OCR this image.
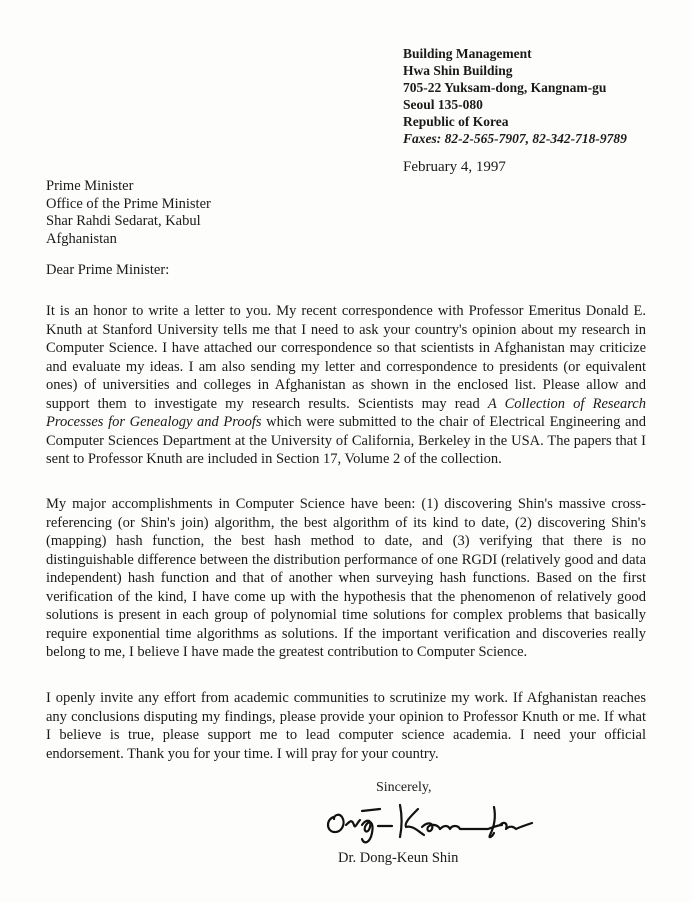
Building Management
Hwa Shin Building
705-22 Yuksam-dong, Kangnam-gu
Seoul 135-080
Republic of Korea
Faxes: 82-2-565-7907, 82-342-718-9789
February 4, 1997
Prime Minister
Office of the Prime Minister
Shar Rahdi Sedarat, Kabul
Afghanistan
Dear Prime Minister:
It is an honor to write a letter to you. My recent correspondence with Professor Emeritus Donald E. Knuth at Stanford University tells me that I need to ask your country's opinion about my research in Computer Science. I have attached our correspondence so that scientists in Afghanistan may criticize and evaluate my ideas. I am also sending my letter and correspondence to presidents (or equivalent ones) of universities and colleges in Afghanistan as shown in the enclosed list. Please allow and support them to investigate my research results. Scientists may read A Collection of Research Processes for Genealogy and Proofs which were submitted to the chair of Electrical Engineering and Computer Sciences Department at the University of California, Berkeley in the USA. The papers that I sent to Professor Knuth are included in Section 17, Volume 2 of the collection.
My major accomplishments in Computer Science have been: (1) discovering Shin's massive cross-referencing (or Shin's join) algorithm, the best algorithm of its kind to date, (2) discovering Shin's (mapping) hash function, the best hash method to date, and (3) verifying that there is no distinguishable difference between the distribution performance of one RGDI (relatively good and data independent) hash function and that of another when surveying hash functions. Based on the first verification of the kind, I have come up with the hypothesis that the phenomenon of relatively good solutions is present in each group of polynomial time solutions for complex problems that basically require exponential time algorithms as solutions. If the important verification and discoveries really belong to me, I believe I have made the greatest contribution to Computer Science.
I openly invite any effort from academic communities to scrutinize my work. If Afghanistan reaches any conclusions disputing my findings, please provide your opinion to Professor Knuth or me. If what I believe is true, please support me to lead computer science academia. I need your official endorsement. Thank you for your time. I will pray for your country.
Sincerely,
Dr. Dong-Keun Shin
